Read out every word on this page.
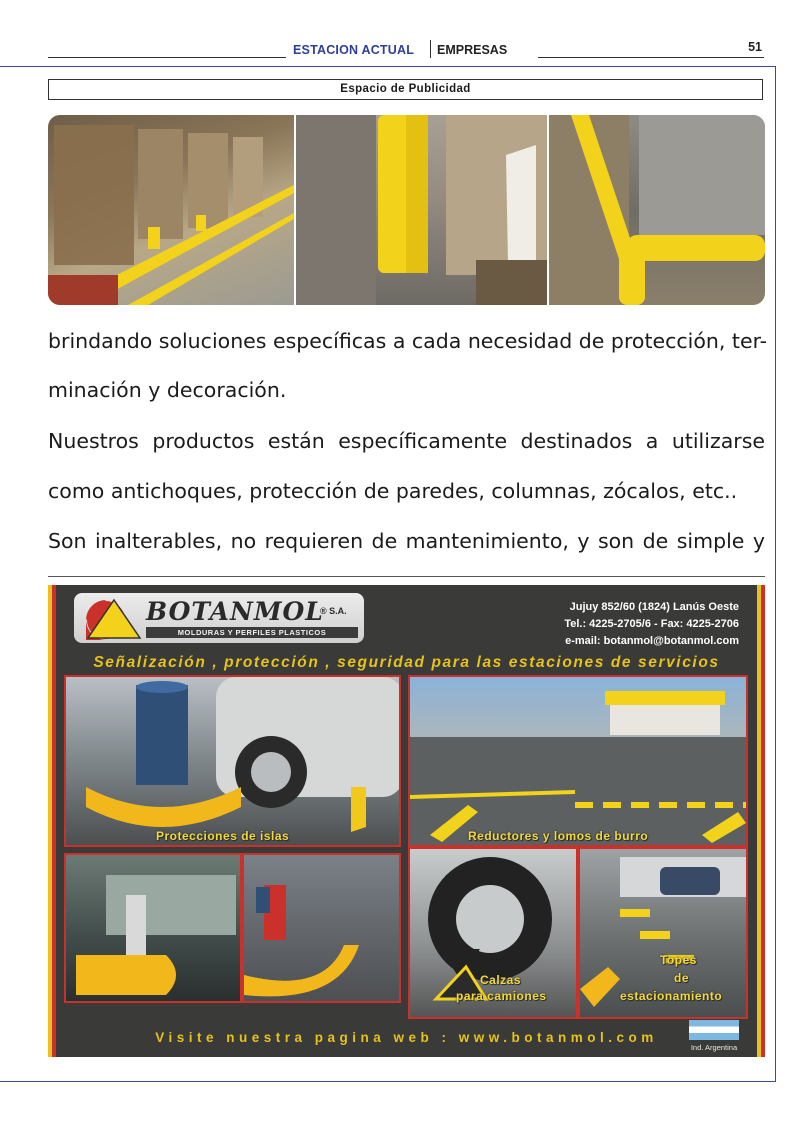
ESTACION ACTUAL EMPRESAS	51
Espacio de Publicidad
brindando soluciones específicas a cada necesidad de protección, ter-
minación y decoración.
Nuestros productos están específicamente destinados a utilizarse
como antichoques, protección de paredes, columnas, zócalos, etc..
Son inalterables, no requieren de mantenimiento, y son de simple y
BOTANMOL
® S.A.
MOLDURAS Y PERFILES PLASTICOS
Jujuy 852/60 (1824) Lanús Oeste
Tel.: 4225-2705/6 - Fax: 4225-2706
e-mail: botanmol@botanmol.com
Señalización , protección , seguridad para las estaciones de servicios
Protecciones de islas	Reductores y lomos de burro
Calzas
para camiones
Topes
de
estacionamiento
Visite nuestra pagina web : www.botanmol.com
Ind. Argentina
